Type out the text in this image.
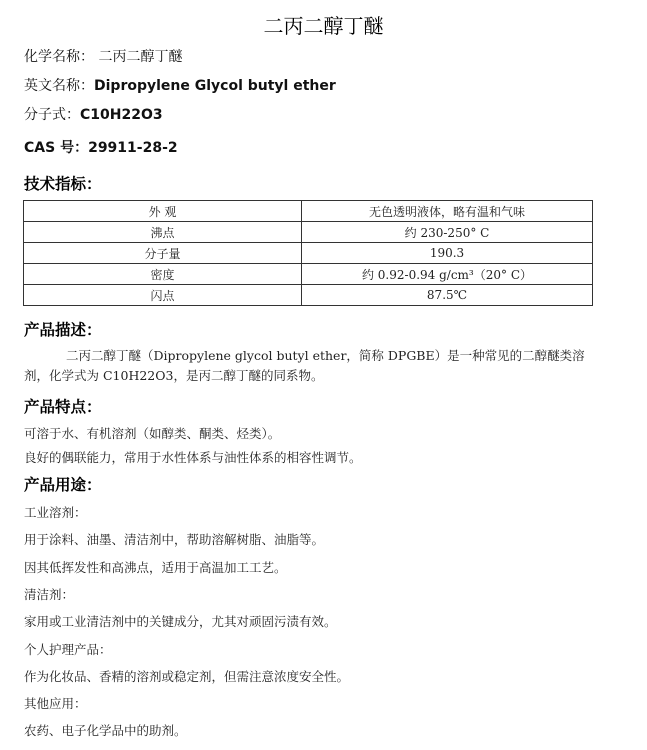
二丙二醇丁醚
化学名称： 二丙二醇丁醚
英文名称：Dipropylene Glycol butyl ether
分子式：C10H22O3
CAS 号：29911-28-2
技术指标：
外 观	无色透明液体，略有温和气味
沸点	约 230-250° C
分子量	190.3
密度	约 0.92-0.94 g/cm³（20° C）
闪点	87.5℃
产品描述：
二丙二醇丁醚（Dipropylene glycol butyl ether，简称 DPGBE）是一种常见的二醇醚类溶剂，化学式为 C10H22O3，是丙二醇丁醚的同系物。
产品特点：
可溶于水、有机溶剂（如醇类、酮类、烃类）。
良好的偶联能力，常用于水性体系与油性体系的相容性调节。
产品用途：
工业溶剂：
用于涂料、油墨、清洁剂中，帮助溶解树脂、油脂等。
因其低挥发性和高沸点，适用于高温加工工艺。
清洁剂：
家用或工业清洁剂中的关键成分，尤其对顽固污渍有效。
个人护理产品：
作为化妆品、香精的溶剂或稳定剂，但需注意浓度安全性。
其他应用：
农药、电子化学品中的助剂。
